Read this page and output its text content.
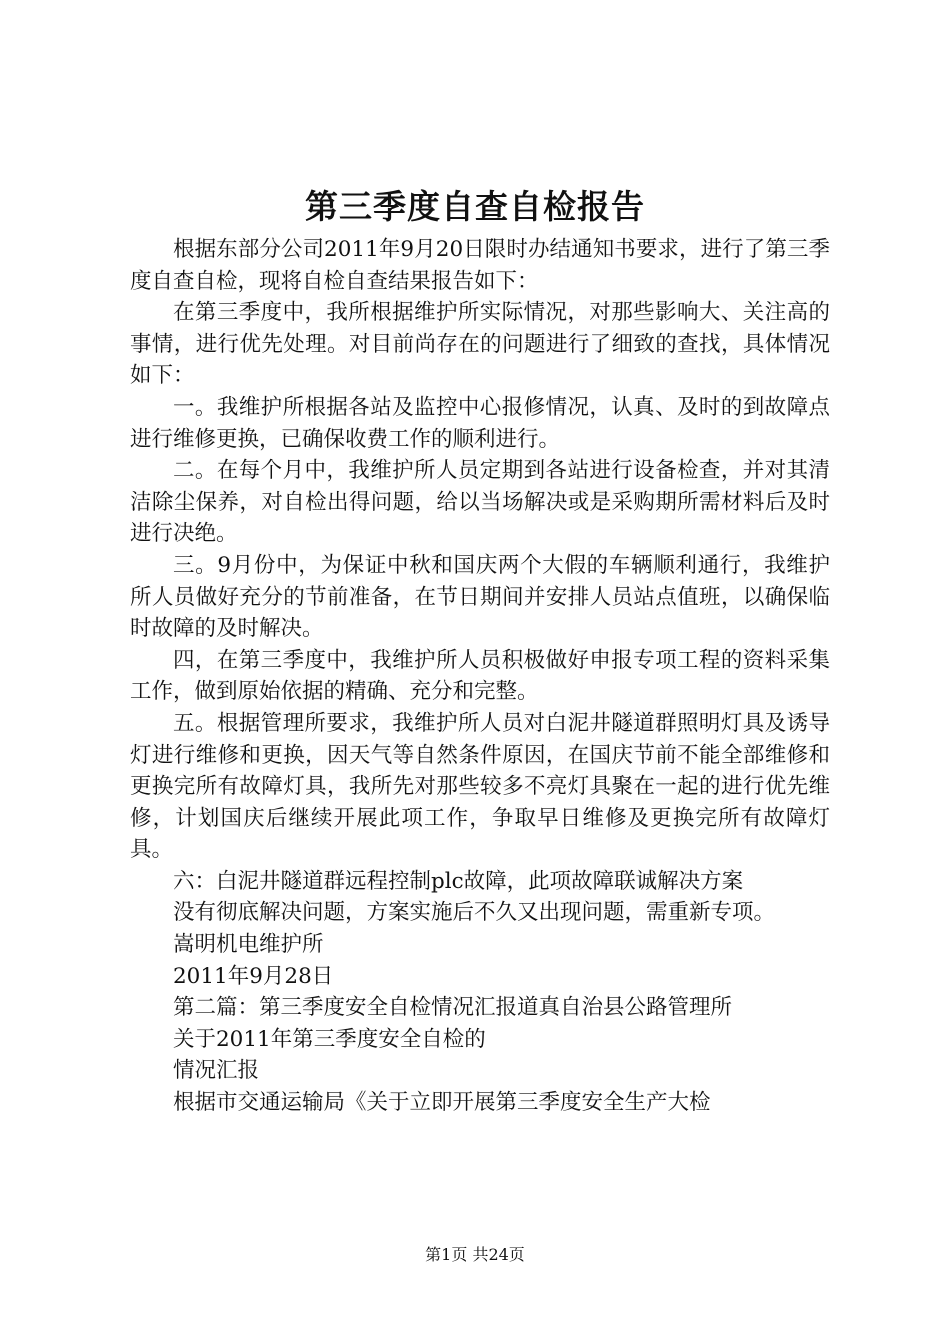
第三季度自查自检报告

根据东部分公司2011年9月20日限时办结通知书要求，进行了第三季度自查自检，现将自检自查结果报告如下：

在第三季度中，我所根据维护所实际情况，对那些影响大、关注高的事情，进行优先处理。对目前尚存在的问题进行了细致的查找，具体情况如下：

一。我维护所根据各站及监控中心报修情况，认真、及时的到故障点进行维修更换，已确保收费工作的顺利进行。

二。在每个月中，我维护所人员定期到各站进行设备检查，并对其清洁除尘保养，对自检出得问题，给以当场解决或是采购期所需材料后及时进行决绝。

三。9月份中，为保证中秋和国庆两个大假的车辆顺利通行，我维护所人员做好充分的节前准备，在节日期间并安排人员站点值班，以确保临时故障的及时解决。

四，在第三季度中，我维护所人员积极做好申报专项工程的资料采集工作，做到原始依据的精确、充分和完整。

五。根据管理所要求，我维护所人员对白泥井隧道群照明灯具及诱导灯进行维修和更换，因天气等自然条件原因，在国庆节前不能全部维修和更换完所有故障灯具，我所先对那些较多不亮灯具聚在一起的进行优先维修，计划国庆后继续开展此项工作，争取早日维修及更换完所有故障灯具。

六：白泥井隧道群远程控制plc故障，此项故障联诚解决方案

没有彻底解决问题，方案实施后不久又出现问题，需重新专项。

嵩明机电维护所

2011年9月28日

第二篇：第三季度安全自检情况汇报道真自治县公路管理所

关于2011年第三季度安全自检的

情况汇报

根据市交通运输局《关于立即开展第三季度安全生产大检

第1页 共24页
